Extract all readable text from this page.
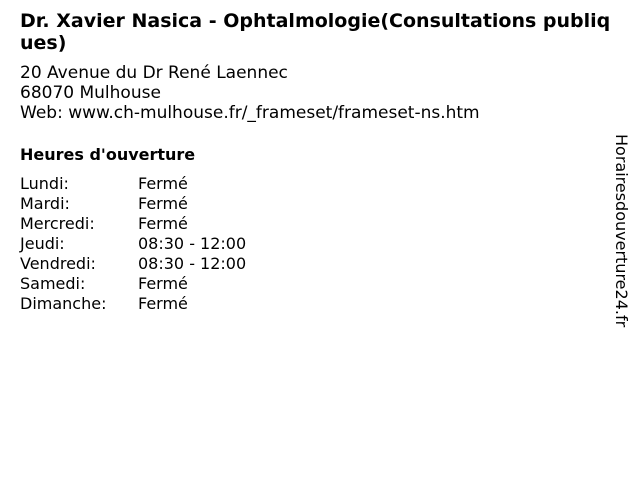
Dr. Xavier Nasica - Ophtalmologie(Consultations publiques)
20 Avenue du Dr René Laennec
68070 Mulhouse
Web: www.ch-mulhouse.fr/_frameset/frameset-ns.htm
Heures d'ouverture
Lundi:	Fermé
Mardi:	Fermé
Mercredi:	Fermé
Jeudi:	08:30 - 12:00
Vendredi:	08:30 - 12:00
Samedi:	Fermé
Dimanche:	Fermé	Horairesdouverture24.fr
